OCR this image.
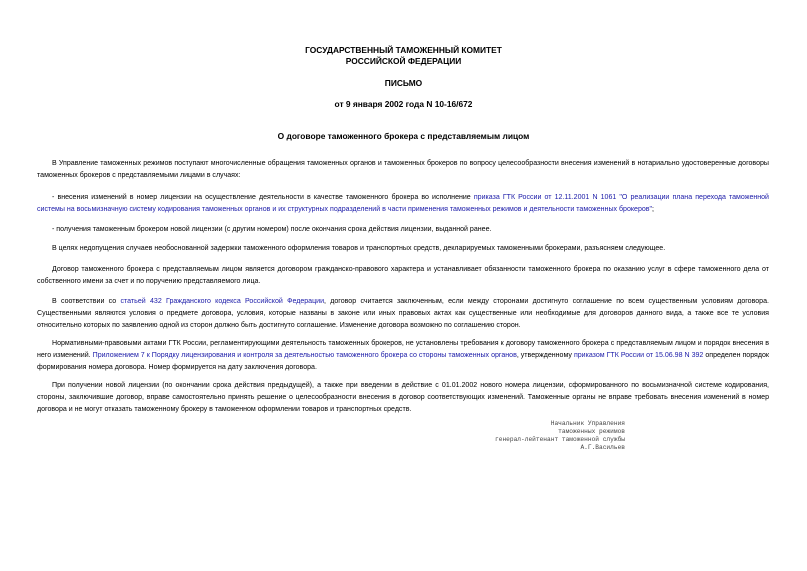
ГОСУДАРСТВЕННЫЙ ТАМОЖЕННЫЙ КОМИТЕТ
РОССИЙСКОЙ ФЕДЕРАЦИИ
ПИСЬМО
от 9 января 2002 года N 10-16/672
О договоре таможенного брокера с представляемым лицом
В Управление таможенных режимов поступают многочисленные обращения таможенных органов и таможенных брокеров по вопросу целесообразности внесения изменений в нотариально удостоверенные договоры таможенных брокеров с представляемыми лицами в случаях:
- внесения изменений в номер лицензии на осуществление деятельности в качестве таможенного брокера во исполнение приказа ГТК России от 12.11.2001 N 1061 "О реализации плана перехода таможенной системы на восьмизначную систему кодирования таможенных органов и их структурных подразделений в части применения таможенных режимов и деятельности таможенных брокеров";
- получения таможенным брокером новой лицензии (с другим номером) после окончания срока действия лицензии, выданной ранее.
В целях недопущения случаев необоснованной задержки таможенного оформления товаров и транспортных средств, декларируемых таможенными брокерами, разъясняем следующее.
Договор таможенного брокера с представляемым лицом является договором гражданско-правового характера и устанавливает обязанности таможенного брокера по оказанию услуг в сфере таможенного дела от собственного имени за счет и по поручению представляемого лица.
В соответствии со статьей 432 Гражданского кодекса Российской Федерации, договор считается заключенным, если между сторонами достигнуто соглашение по всем существенным условиям договора. Существенными являются условия о предмете договора, условия, которые названы в законе или иных правовых актах как существенные или необходимые для договоров данного вида, а также все те условия относительно которых по заявлению одной из сторон должно быть достигнуто соглашение. Изменение договора возможно по соглашению сторон.
Нормативными-правовыми актами ГТК России, регламентирующими деятельность таможенных брокеров, не установлены требования к договору таможенного брокера с представляемым лицом и порядок внесения в него изменений. Приложением 7 к Порядку лицензирования и контроля за деятельностью таможенного брокера со стороны таможенных органов, утвержденному приказом ГТК России от 15.06.98 N 392 определен порядок формирования номера договора. Номер формируется на дату заключения договора.
При получении новой лицензии (по окончании срока действия предыдущей), а также при введении в действие с 01.01.2002 нового номера лицензии, сформированного по восьмизначной системе кодирования, стороны, заключившие договор, вправе самостоятельно принять решение о целесообразности внесения в договор соответствующих изменений. Таможенные органы не вправе требовать внесения изменений в номер договора и не могут отказать таможенному брокеру в таможенном оформлении товаров и транспортных средств.
Начальник Управления
таможенных режимов
генерал-лейтенант таможенной службы
А.Г.Васильев
